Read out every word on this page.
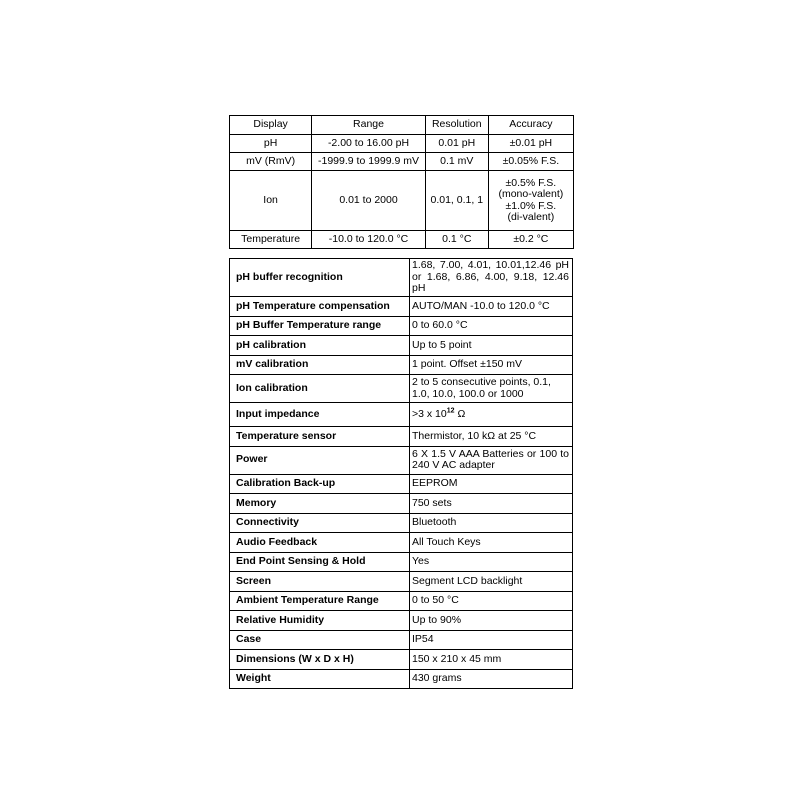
Display	Range	Resolution	Accuracy
pH	-2.00 to 16.00 pH	0.01 pH	±0.01 pH
mV (RmV)	-1999.9 to 1999.9 mV	0.1 mV	±0.05% F.S.
Ion	0.01 to 2000	0.01, 0.1, 1	±0.5% F.S.
(mono-valent)
±1.0% F.S.
(di-valent)

Temperature	-10.0 to 120.0 °C	0.1 °C	±0.2 °C
pH buffer recognition	1.68, 7.00, 4.01, 10.01,12.46 pH or 1.68, 6.86, 4.00, 9.18, 12.46 pH
pH Temperature compensation	AUTO/MAN -10.0 to 120.0 °C
pH Buffer Temperature range	0 to 60.0 °C
pH calibration	Up to 5 point
mV calibration	1 point. Offset ±150 mV
Ion calibration	2 to 5 consecutive points, 0.1, 1.0, 10.0, 100.0 or 1000
Input impedance	>3 x $10^{12}$ Ω
Temperature sensor	Thermistor, 10 kΩ at 25 °C
Power	6 X 1.5 V AAA Batteries or 100 to 240 V AC adapter
Calibration Back-up	EEPROM
Memory	750 sets
Connectivity	Bluetooth
Audio Feedback	All Touch Keys
End Point Sensing & Hold	Yes
Screen	Segment LCD backlight
Ambient Temperature Range	0 to 50 °C
Relative Humidity	Up to 90%
Case	IP54
Dimensions (W x D x H)	150 x 210 x 45 mm
Weight	430 grams
